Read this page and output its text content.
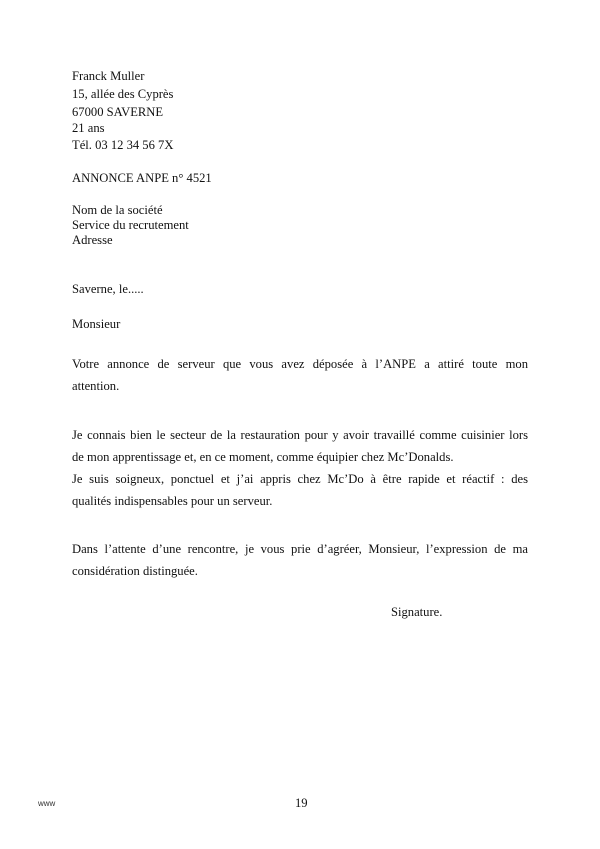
Franck Muller
15, allée des Cyprès
67000 SAVERNE
21 ans
Tél. 03 12 34 56 7X
ANNONCE ANPE n° 4521
Nom de la société
Service du recrutement
Adresse
Saverne, le.....
Monsieur
Votre annonce de serveur que vous avez déposée à l’ANPE a attiré toute mon
attention.
Je connais bien le secteur de la restauration pour y avoir travaillé comme cuisinier lors
de mon apprentissage et, en ce moment, comme équipier chez Mc’Donalds.
Je suis soigneux, ponctuel et j’ai appris chez Mc’Do à être rapide et réactif : des
qualités indispensables pour un serveur.
Dans l’attente d’une rencontre, je vous prie d’agréer, Monsieur, l’expression de ma
considération distinguée.
Signature.
www	19
